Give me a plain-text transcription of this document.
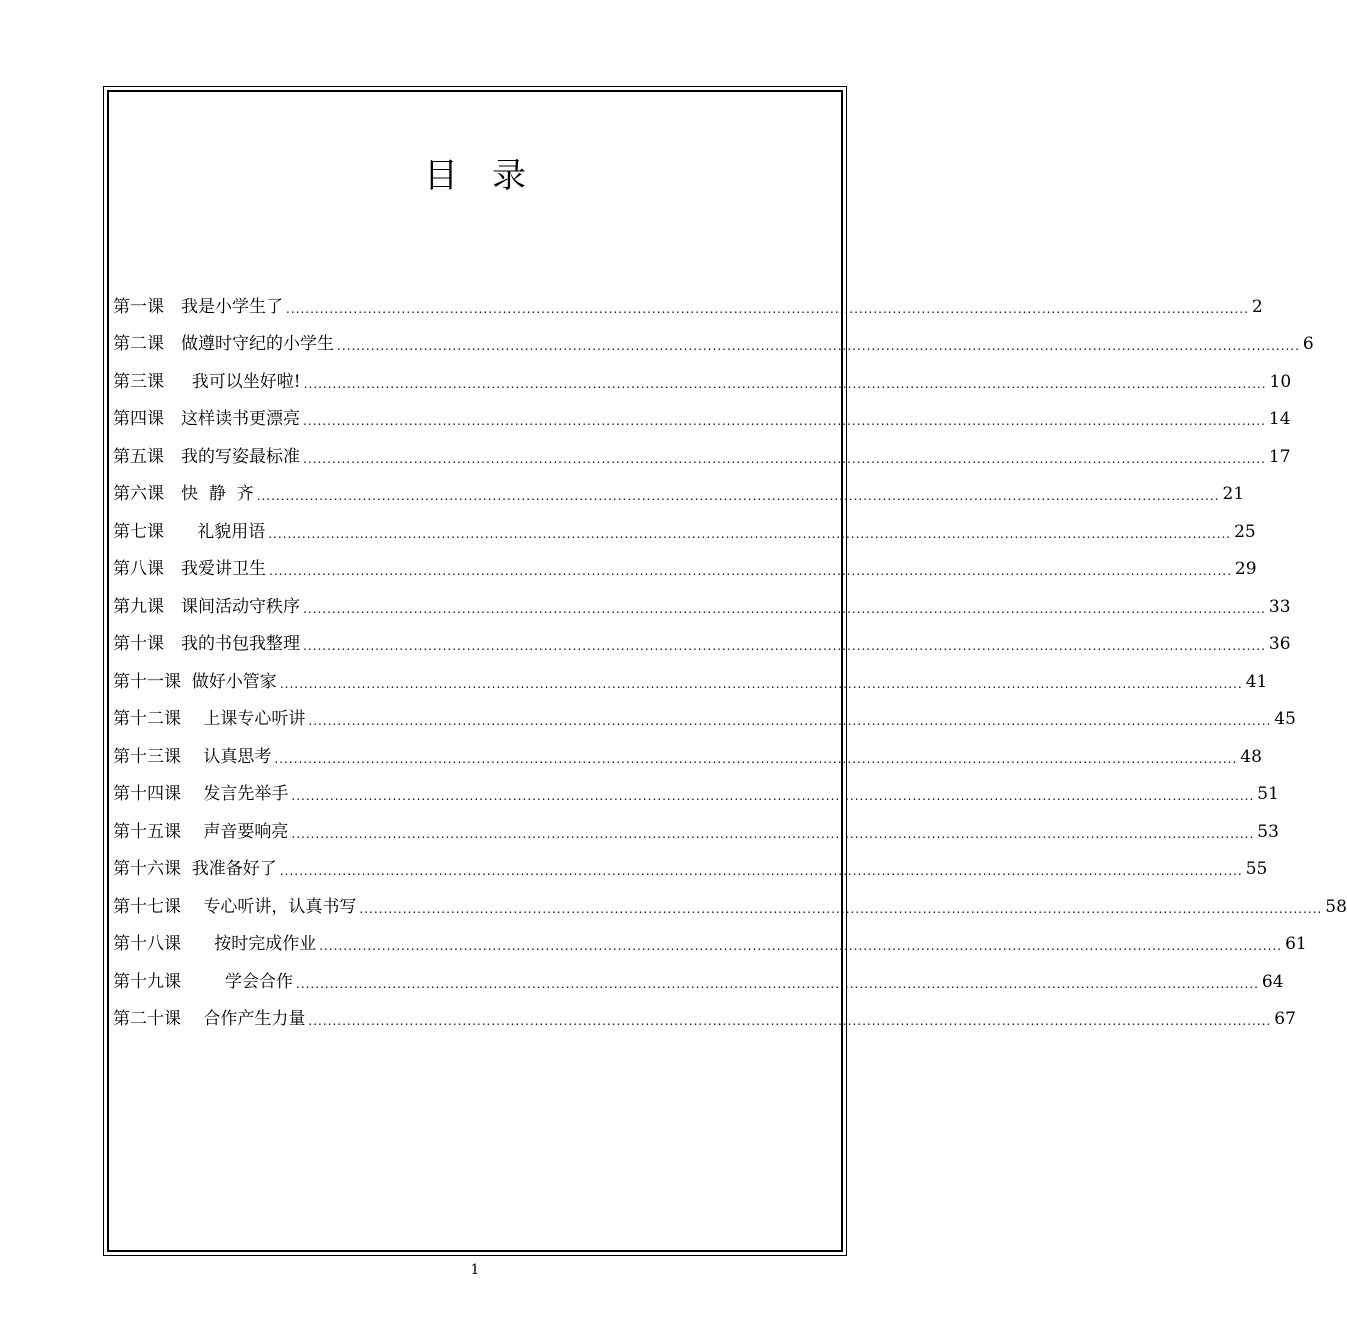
目 录
第一课　我是小学生了 ........................................................................................................................................................................................................ 2
第二课　做遵时守纪的小学生 ........................................................................................................................................................................................................ 6
第三课 　 我可以坐好啦! ........................................................................................................................................................................................................ 10
第四课　这样读书更漂亮 ........................................................................................................................................................................................................ 14
第五课　我的写姿最标准 ........................................................................................................................................................................................................ 17
第六课　快  静  齐 ........................................................................................................................................................................................................ 21
第七课 　  礼貌用语 ........................................................................................................................................................................................................ 25
第八课　我爱讲卫生 ........................................................................................................................................................................................................ 29
第九课　课间活动守秩序 ........................................................................................................................................................................................................ 33
第十课　我的书包我整理 ........................................................................................................................................................................................................ 36
第十一课  做好小管家 ........................................................................................................................................................................................................ 41
第十二课 　上课专心听讲 ........................................................................................................................................................................................................ 45
第十三课 　认真思考 ........................................................................................................................................................................................................ 48
第十四课 　发言先举手 ........................................................................................................................................................................................................ 51
第十五课 　声音要响亮 ........................................................................................................................................................................................................ 53
第十六课  我准备好了 ........................................................................................................................................................................................................ 55
第十七课 　专心听讲，认真书写 ........................................................................................................................................................................................................ 58
第十八课 　  按时完成作业 ........................................................................................................................................................................................................ 61
第十九课 　    学会合作 ........................................................................................................................................................................................................ 64
第二十课 　合作产生力量 ........................................................................................................................................................................................................ 67
1
